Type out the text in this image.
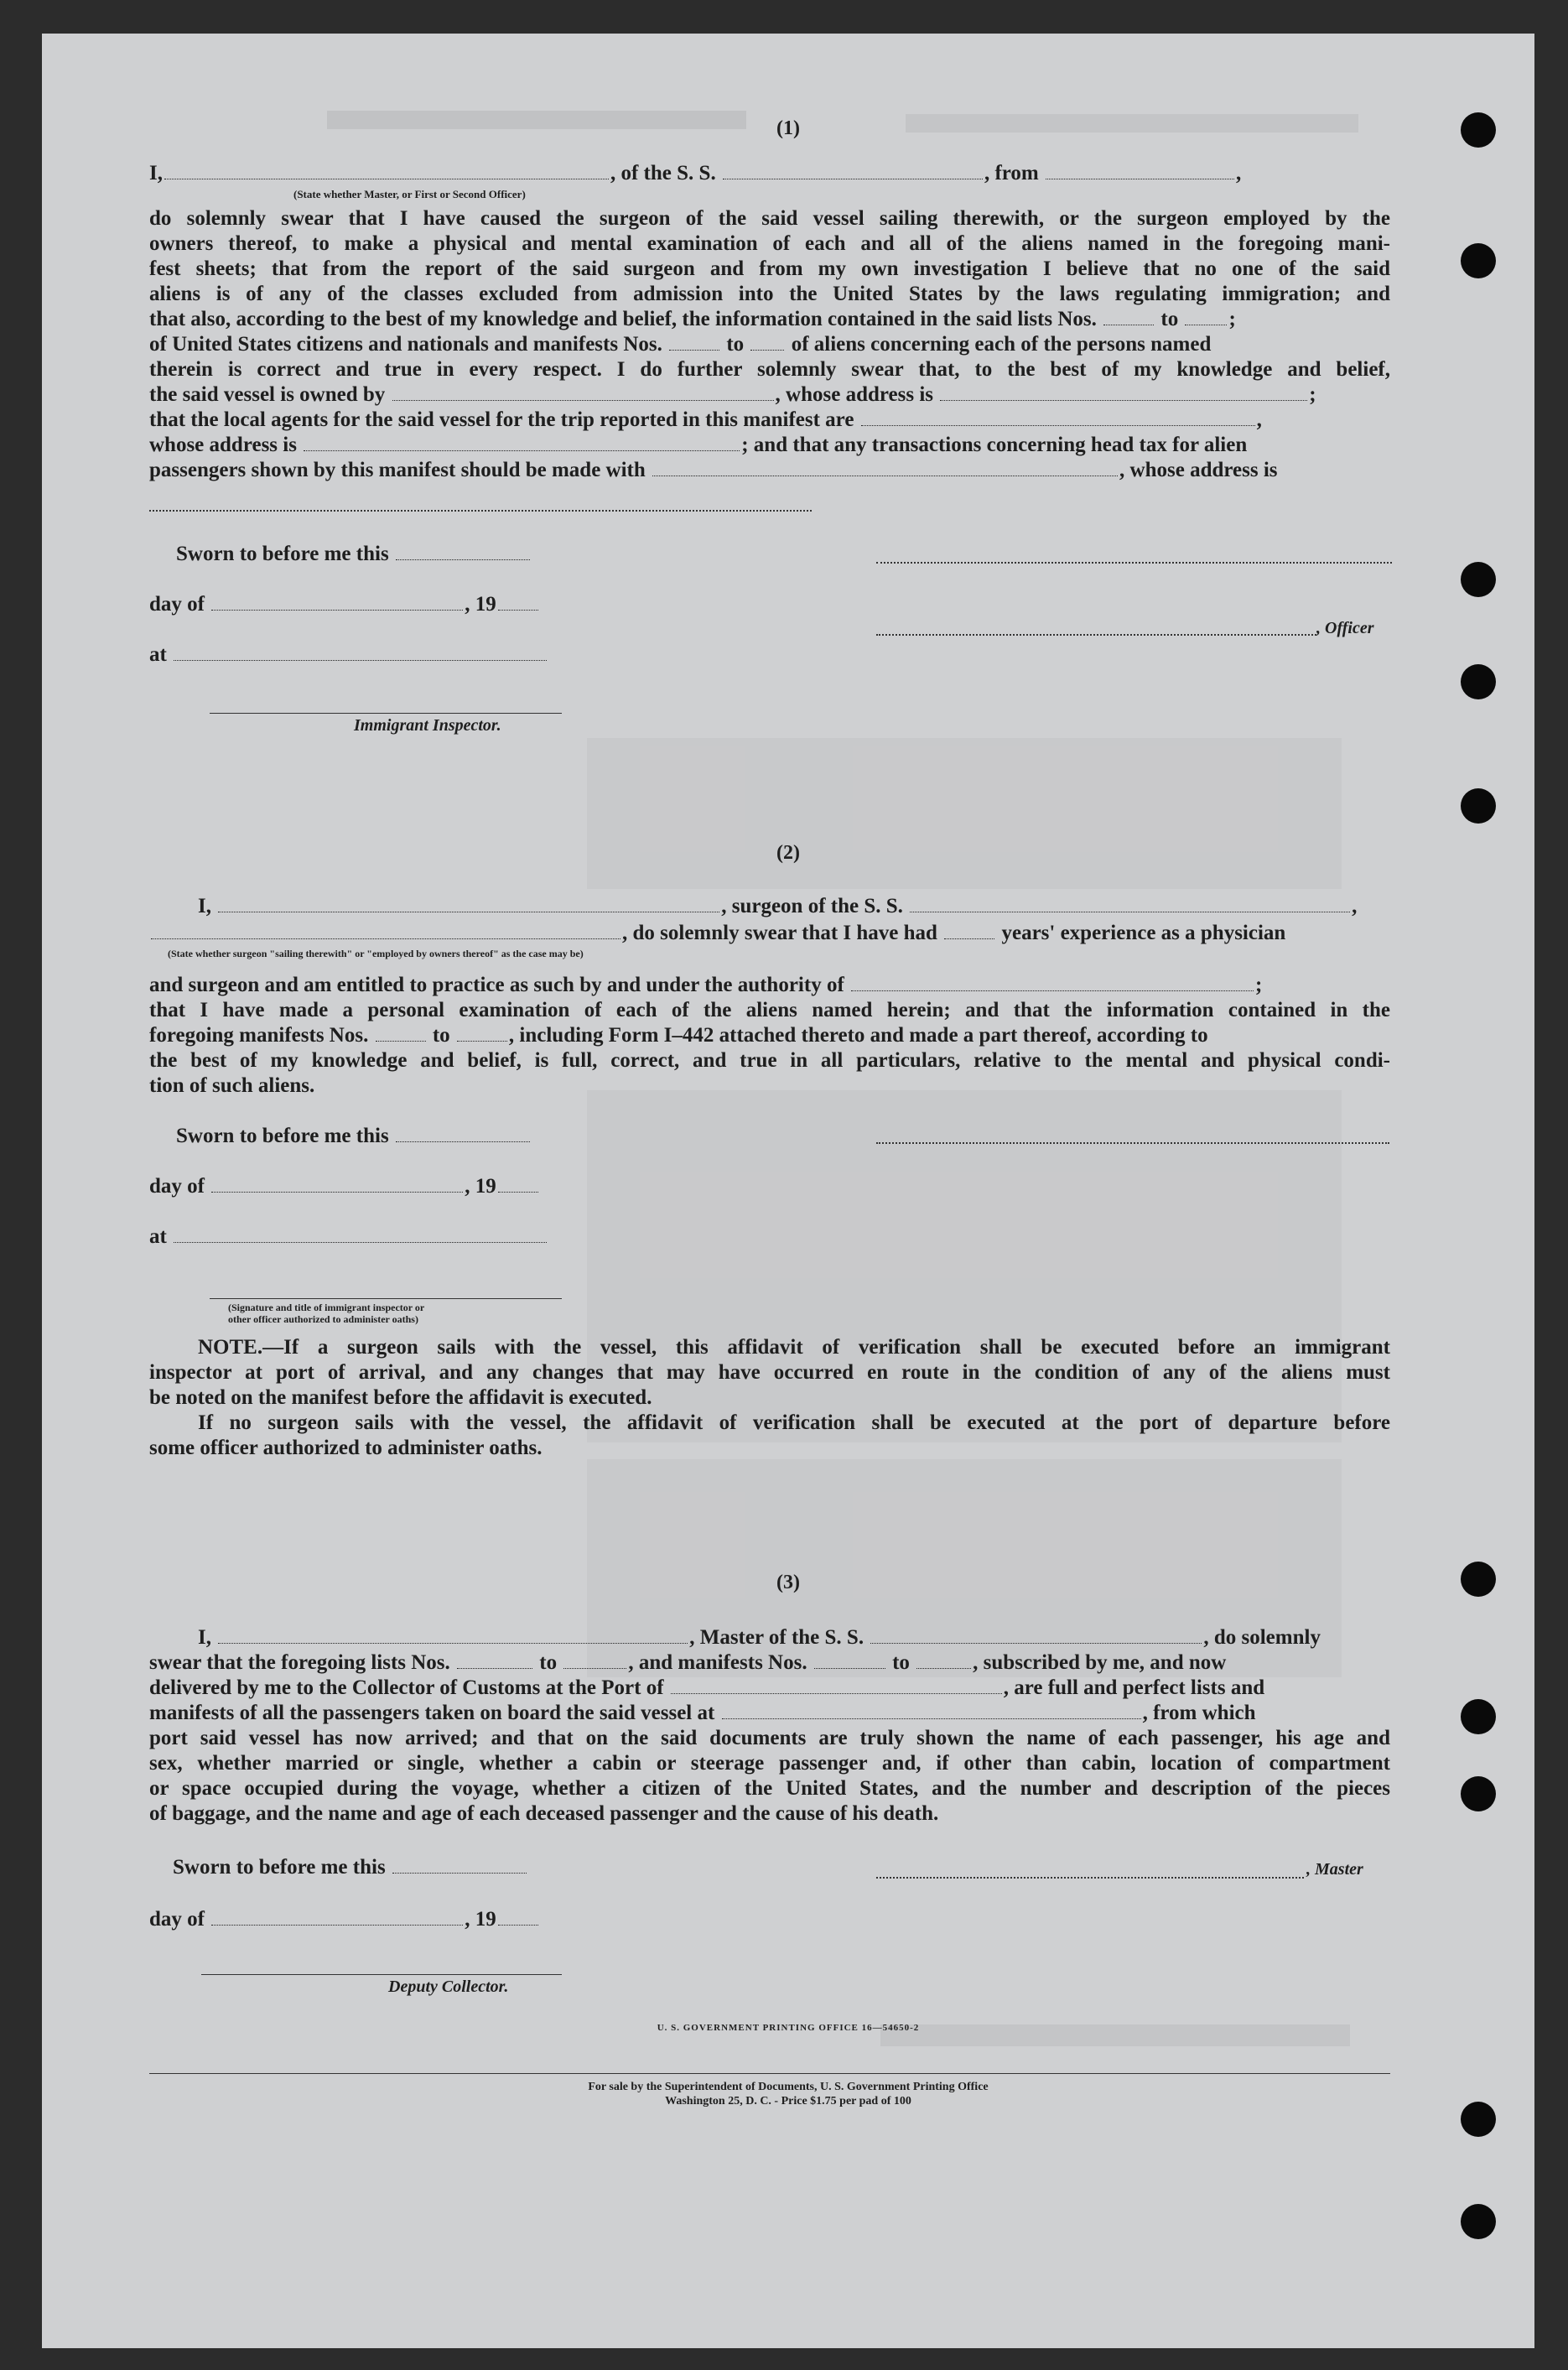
(1)
I,	, of the S. S.	, from	,
(State whether Master, or First or Second Officer)
do solemnly swear that I have caused the surgeon of the said vessel sailing therewith, or the surgeon employed by the
owners thereof, to make a physical and mental examination of each and all of the aliens named in the foregoing mani-
fest sheets; that from the report of the said surgeon and from my own investigation I believe that no one of the said
aliens is of any of the classes excluded from admission into the United States by the laws regulating immigration; and
that also, according to the best of my knowledge and belief, the information contained in the said lists Nos.	to ;
of United States citizens and nationals and manifests Nos.	to of aliens concerning each of the persons named
therein is correct and true in every respect. I do further solemnly swear that, to the best of my knowledge and belief,
the said vessel is owned by	, whose address is	;
that the local agents for the said vessel for the trip reported in this manifest are	,
whose address is	; and that any transactions concerning head tax for alien
passengers shown by this manifest should be made with	, whose address is
Sworn to before me this
day of	, 19
, Officer
at
Immigrant Inspector.
(2)
I,	, surgeon of the S. S.	,
, do solemnly swear that I have had	years' experience as a physician
(State whether surgeon "sailing therewith" or "employed by owners thereof" as the case may be)
and surgeon and am entitled to practice as such by and under the authority of	;
that I have made a personal examination of each of the aliens named herein; and that the information contained in the
foregoing manifests Nos.	to	, including Form I–442 attached thereto and made a part thereof, according to
the best of my knowledge and belief, is full, correct, and true in all particulars, relative to the mental and physical condi-
tion of such aliens.
Sworn to before me this
day of	, 19
at
(Signature and title of immigrant inspector or
other officer authorized to administer oaths)
NOTE.—If a surgeon sails with the vessel, this affidavit of verification shall be executed before an immigrant
inspector at port of arrival, and any changes that may have occurred en route in the condition of any of the aliens must
be noted on the manifest before the affidavit is executed.
If no surgeon sails with the vessel, the affidavit of verification shall be executed at the port of departure before
some officer authorized to administer oaths.
(3)
I,	, Master of the S. S.	, do solemnly
swear that the foregoing lists Nos.	to	, and manifests Nos.	to	, subscribed by me, and now
delivered by me to the Collector of Customs at the Port of	, are full and perfect lists and
manifests of all the passengers taken on board the said vessel at	, from which
port said vessel has now arrived; and that on the said documents are truly shown the name of each passenger, his age and
sex, whether married or single, whether a cabin or steerage passenger and, if other than cabin, location of compartment
or space occupied during the voyage, whether a citizen of the United States, and the number and description of the pieces
of baggage, and the name and age of each deceased passenger and the cause of his death.
Sworn to before me this	, Master
day of	, 19
Deputy Collector.
U. S. GOVERNMENT PRINTING OFFICE 16—54650-2
For sale by the Superintendent of Documents, U. S. Government Printing Office
Washington 25, D. C. - Price $1.75 per pad of 100
